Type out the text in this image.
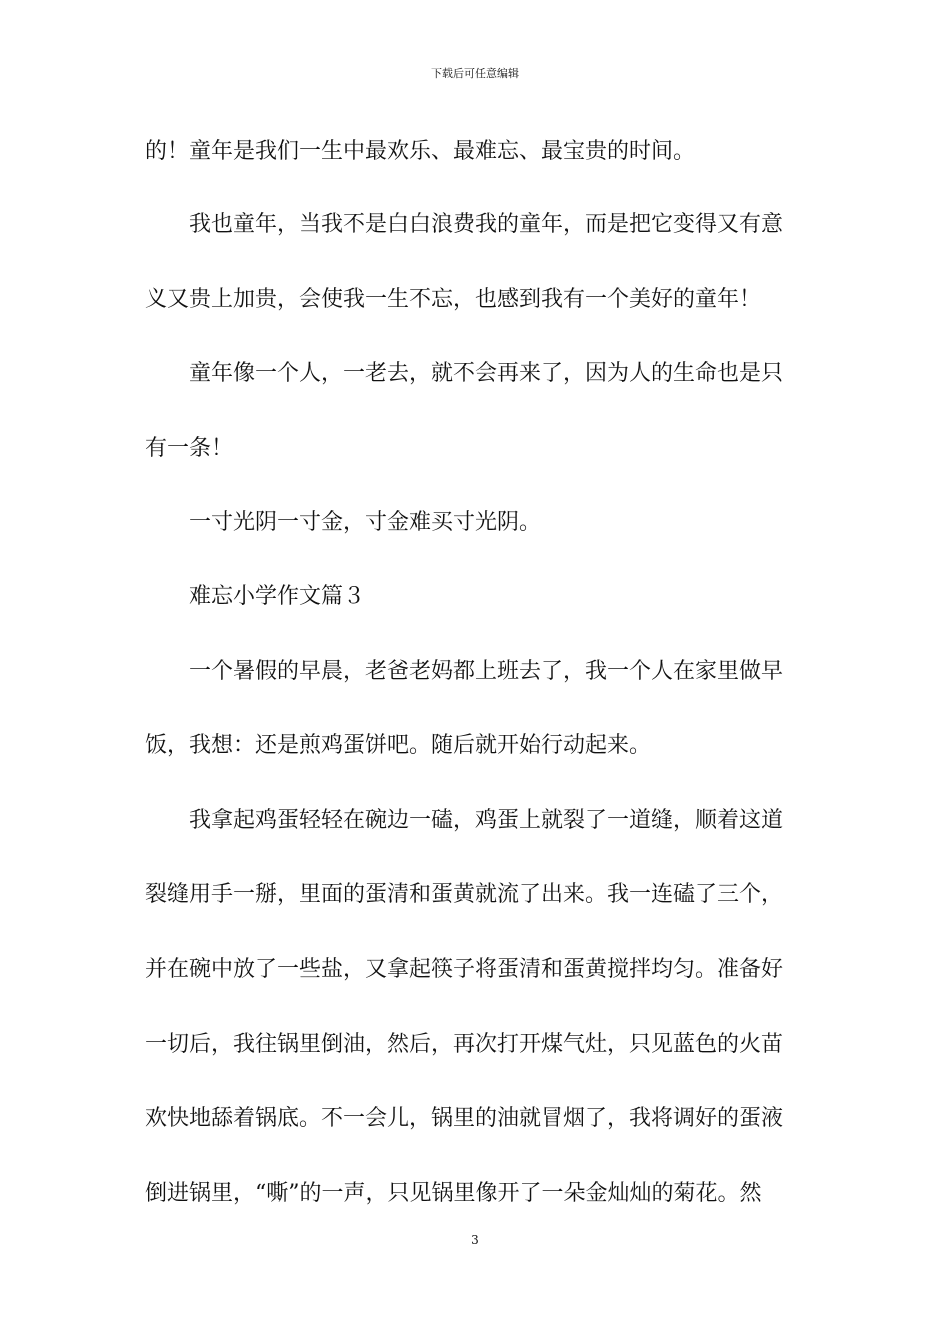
下载后可任意编辑
的！童年是我们一生中最欢乐、最难忘、最宝贵的时间。
　　我也童年，当我不是白白浪费我的童年，而是把它变得又有意
义又贵上加贵，会使我一生不忘，也感到我有一个美好的童年！
　　童年像一个人，一老去，就不会再来了，因为人的生命也是只
有一条！
　　一寸光阴一寸金，寸金难买寸光阴。
　　难忘小学作文篇３
　　一个暑假的早晨，老爸老妈都上班去了，我一个人在家里做早
饭，我想：还是煎鸡蛋饼吧。随后就开始行动起来。
　　我拿起鸡蛋轻轻在碗边一磕，鸡蛋上就裂了一道缝，顺着这道
裂缝用手一掰，里面的蛋清和蛋黄就流了出来。我一连磕了三个，
并在碗中放了一些盐，又拿起筷子将蛋清和蛋黄搅拌均匀。准备好
一切后，我往锅里倒油，然后，再次打开煤气灶，只见蓝色的火苗
欢快地舔着锅底。不一会儿，锅里的油就冒烟了，我将调好的蛋液
倒进锅里，“嘶”的一声，只见锅里像开了一朵金灿灿的菊花。然
3
